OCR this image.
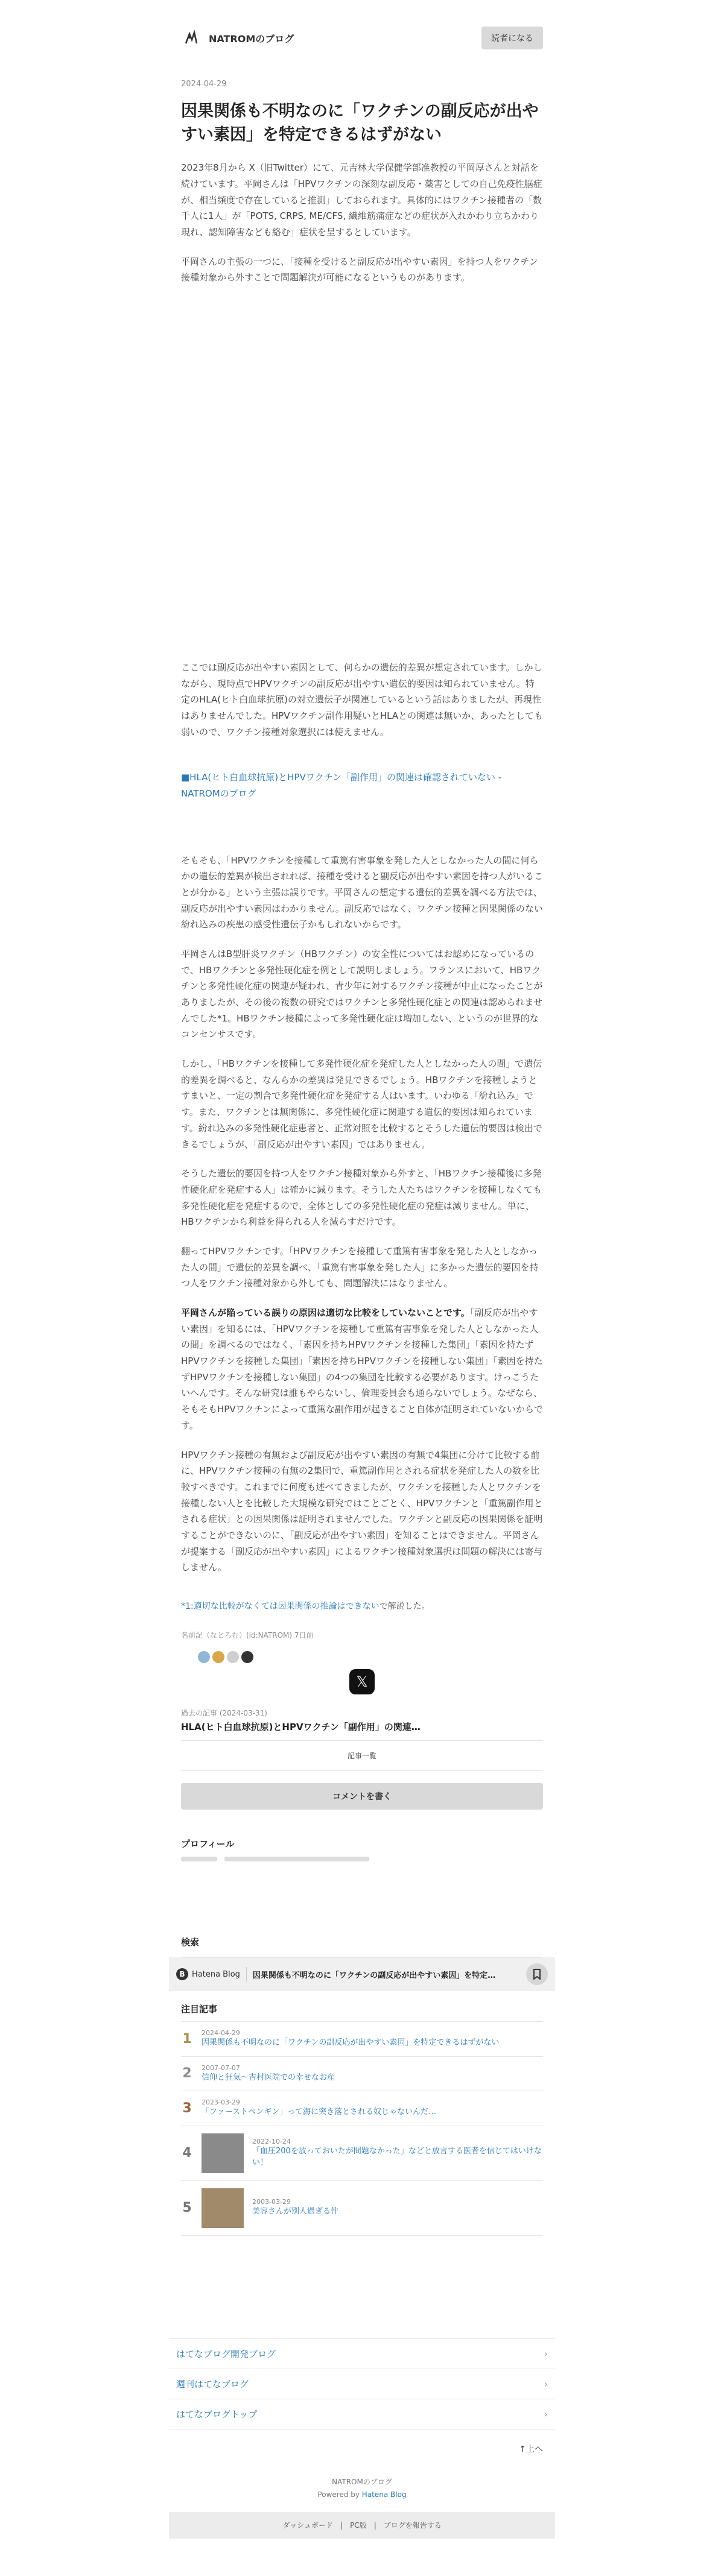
NATROMのブログ	読者になる
2024-04-29
因果関係も不明なのに「ワクチンの副反応が出やすい素因」を特定できるはずがない

2023年8月から X（旧Twitter）にて、元吉林大学保健学部准教授の平岡厚さんと対話を続けています。平岡さんは「HPVワクチンの深刻な副反応・薬害としての自己免疫性脳症が、相当頻度で存在していると推測」しておられます。具体的にはワクチン接種者の「数千人に1人」が「POTS, CRPS, ME/CFS, 繊維筋痛症などの症状が入れかわり立ちかわり現れ、認知障害なども絡む」症状を呈するとしています。

平岡さんの主張の一つに、「接種を受けると副反応が出やすい素因」を持つ人をワクチン接種対象から外すことで問題解決が可能になるというものがあります。

ここでは副反応が出やすい素因として、何らかの遺伝的差異が想定されています。しかしながら、現時点でHPVワクチンの副反応が出やすい遺伝的要因は知られていません。特定のHLA(ヒト白血球抗原)の対立遺伝子が関連しているという話はありましたが、再現性はありませんでした。HPVワクチン副作用疑いとHLAとの関連は無いか、あったとしても弱いので、ワクチン接種対象選択には使えません。

■HLA(ヒト白血球抗原)とHPVワクチン「副作用」の関連は確認されていない - NATROMのブログ

そもそも、「HPVワクチンを接種して重篤有害事象を発した人としなかった人の間に何らかの遺伝的差異が検出されれば、接種を受けると副反応が出やすい素因を持つ人がいることが分かる」という主張は誤りです。平岡さんの想定する遺伝的差異を調べる方法では、副反応が出やすい素因はわかりません。副反応ではなく、ワクチン接種と因果関係のない紛れ込みの疾患の感受性遺伝子かもしれないからです。

平岡さんはB型肝炎ワクチン（HBワクチン）の安全性についてはお認めになっているので、HBワクチンと多発性硬化症を例として説明しましょう。フランスにおいて、HBワクチンと多発性硬化症の関連が疑われ、青少年に対するワクチン接種が中止になったことがありましたが、その後の複数の研究ではワクチンと多発性硬化症との関連は認められませんでした*1。HBワクチン接種によって多発性硬化症は増加しない、というのが世界的なコンセンサスです。

しかし、「HBワクチンを接種して多発性硬化症を発症した人としなかった人の間」で遺伝的差異を調べると、なんらかの差異は発見できるでしょう。HBワクチンを接種しようとすまいと、一定の割合で多発性硬化症を発症する人はいます。いわゆる「紛れ込み」です。また、ワクチンとは無関係に、多発性硬化症に関連する遺伝的要因は知られています。紛れ込みの多発性硬化症患者と、正常対照を比較するとそうした遺伝的要因は検出できるでしょうが、「副反応が出やすい素因」ではありません。

そうした遺伝的要因を持つ人をワクチン接種対象から外すと、「HBワクチン接種後に多発性硬化症を発症する人」は確かに減ります。そうした人たちはワクチンを接種しなくても多発性硬化症を発症するので、全体としての多発性硬化症の発症は減りません。単に、HBワクチンから利益を得られる人を減らすだけです。

翻ってHPVワクチンです。「HPVワクチンを接種して重篤有害事象を発した人としなかった人の間」で遺伝的差異を調べ、「重篤有害事象を発した人」に多かった遺伝的要因を持つ人をワクチン接種対象から外しても、問題解決にはなりません。

平岡さんが陥っている誤りの原因は適切な比較をしていないことです。「副反応が出やすい素因」を知るには、「HPVワクチンを接種して重篤有害事象を発した人としなかった人の間」を調べるのではなく、「素因を持ちHPVワクチンを接種した集団」「素因を持たずHPVワクチンを接種した集団」「素因を持ちHPVワクチンを接種しない集団」「素因を持たずHPVワクチンを接種しない集団」の4つの集団を比較する必要があります。けっこうたいへんです。そんな研究は誰もやらないし、倫理委員会も通らないでしょう。なぜなら、そもそもHPVワクチンによって重篤な副作用が起きること自体が証明されていないからです。

HPVワクチン接種の有無および副反応が出やすい素因の有無で4集団に分けて比較する前に、HPVワクチン接種の有無の2集団で、重篤副作用とされる症状を発症した人の数を比較すべきです。これまでに何度も述べてきましたが、ワクチンを接種した人とワクチンを接種しない人とを比較した大規模な研究ではことごとく、HPVワクチンと「重篤副作用とされる症状」との因果関係は証明されませんでした。ワクチンと副反応の因果関係を証明することができないのに、「副反応が出やすい素因」を知ることはできません。平岡さんが提案する「副反応が出やすい素因」によるワクチン接種対象選択は問題の解決には寄与しません。

*1:適切な比較がなくては因果関係の推論はできないで解説した。
名前記（なとろむ）(id:NATROM) 7日前
𝕏
過去の記事 (2024-03-31)
HLA(ヒト白血球抗原)とHPVワクチン「副作用」の関連…
記事一覧
コメントを書く
プロフィール
検索
記事を検索
注目記事
1 2024-04-29
因果関係も不明なのに「ワクチンの副反応が出やすい素因」を特定できるはずがない
2 2007-07-07
信仰と狂気～吉村医院での幸せなお産
3 2023-03-29
「ファーストペンギン」って海に突き落とされる奴じゃないんだ…
4
2022-10-24
「血圧200を放っておいたが問題なかった」などと放言する医者を信じてはいけない！
5	2003-03-29
美容さんが別人過ぎる件
はてなブログ開発ブログ	›
週刊はてなブログ	›
はてなブログトップ	›
↑上へ
NATROMのブログ
Powered by Hatena Blog
ダッシュボード | PC版 | ブログを報告する
B Hatena Blog 因果関係も不明なのに「ワクチンの副反応が出やすい素因」を特定…
